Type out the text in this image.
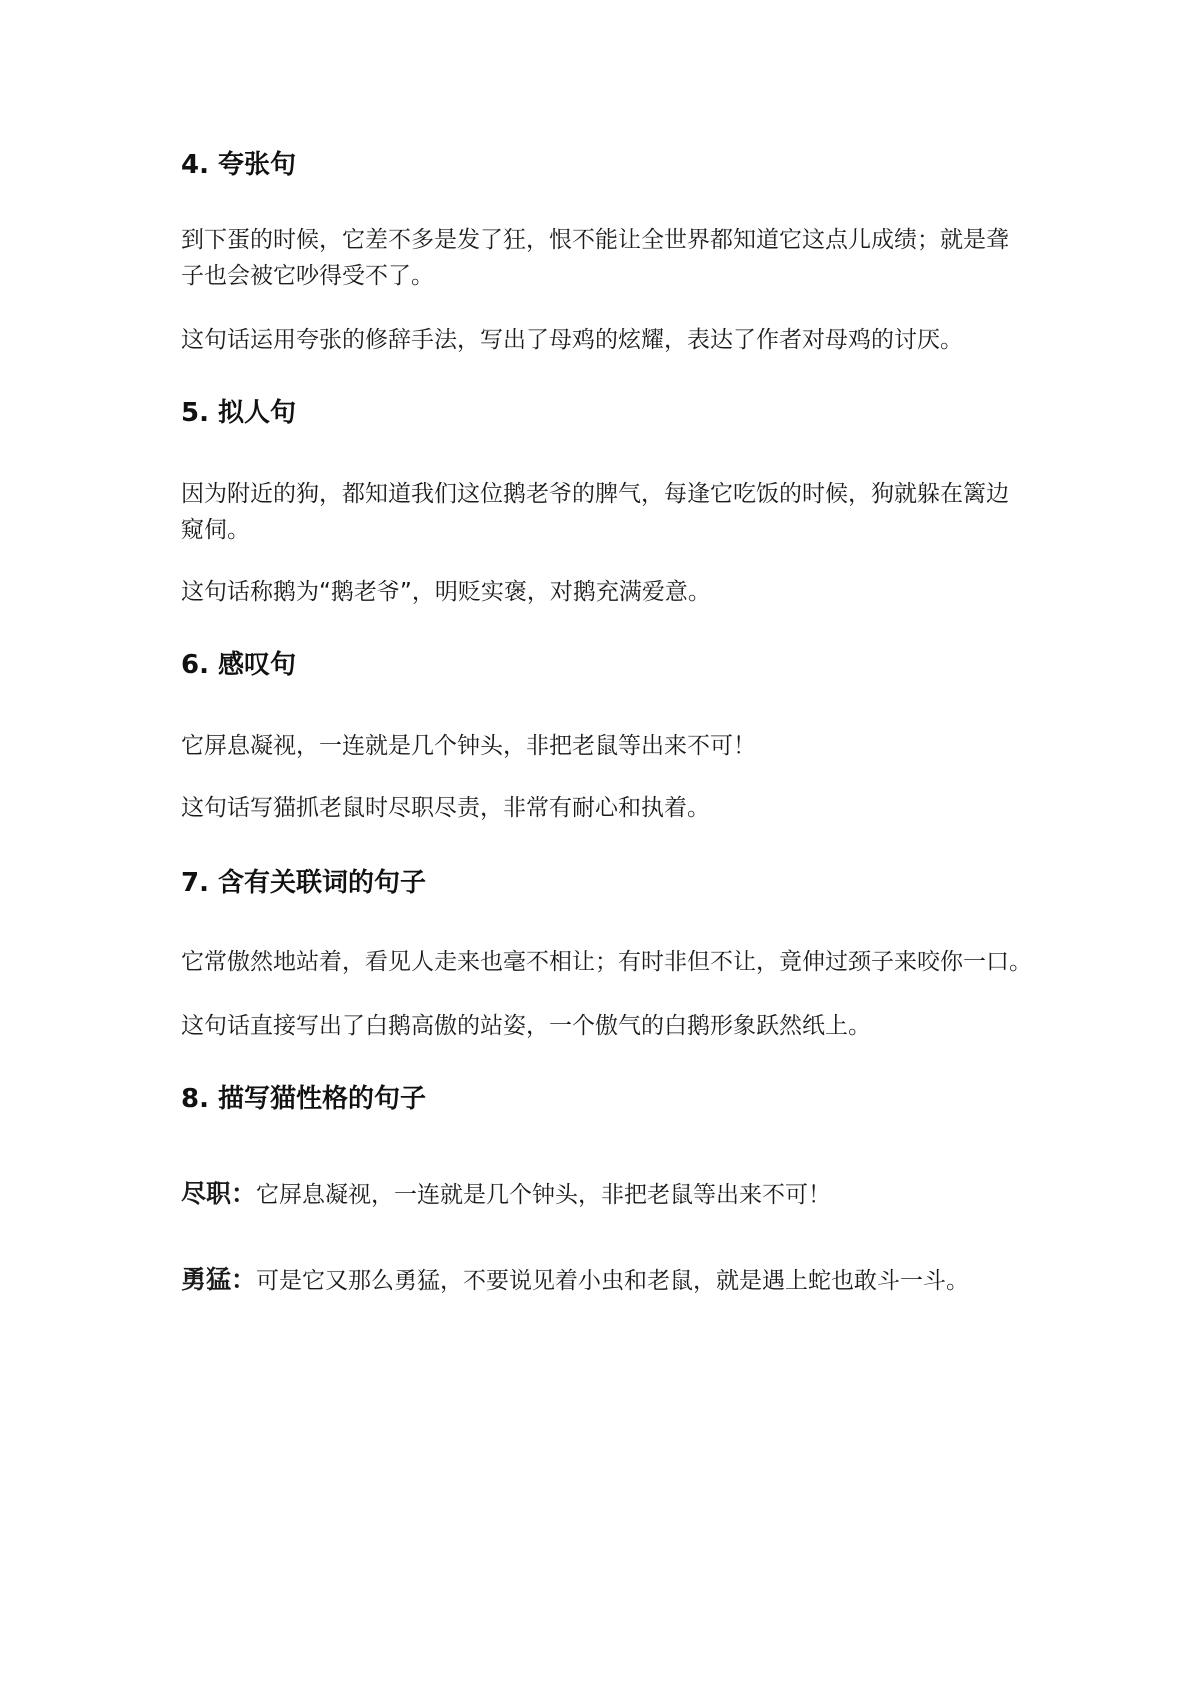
4. 夸张句
到下蛋的时候，它差不多是发了狂，恨不能让全世界都知道它这点儿成绩；就是聋子也会被它吵得受不了。
这句话运用夸张的修辞手法，写出了母鸡的炫耀，表达了作者对母鸡的讨厌。
5. 拟人句
因为附近的狗，都知道我们这位鹅老爷的脾气，每逢它吃饭的时候，狗就躲在篱边窥伺。
这句话称鹅为“鹅老爷”，明贬实褒，对鹅充满爱意。
6. 感叹句
它屏息凝视，一连就是几个钟头，非把老鼠等出来不可！
这句话写猫抓老鼠时尽职尽责，非常有耐心和执着。
7. 含有关联词的句子
它常傲然地站着，看见人走来也毫不相让；有时非但不让，竟伸过颈子来咬你一口。
这句话直接写出了白鹅高傲的站姿，一个傲气的白鹅形象跃然纸上。
8. 描写猫性格的句子
尽职：它屏息凝视，一连就是几个钟头，非把老鼠等出来不可！
勇猛：可是它又那么勇猛，不要说见着小虫和老鼠，就是遇上蛇也敢斗一斗。
